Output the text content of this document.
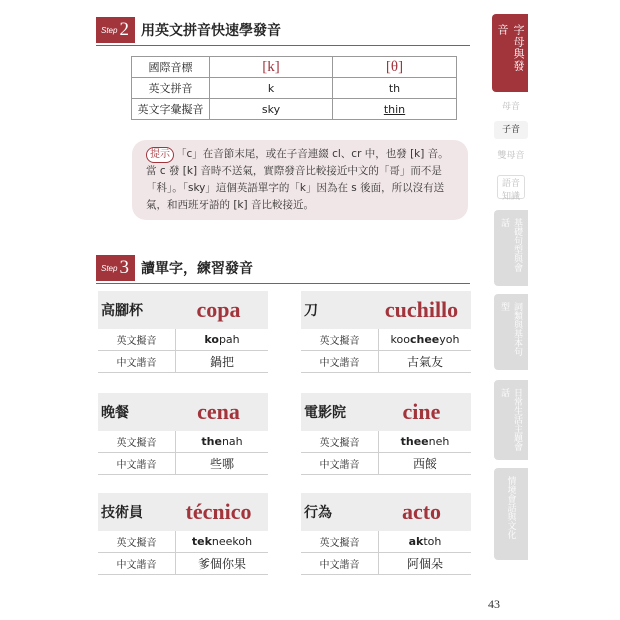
Step 2 用英文拼音快速學發音
國際音標	[k]	[θ]
英文拼音	k	th
英文字彙擬音	sky	thin
提示 「c」在音節末尾，或在子音連綴 cl、cr 中，也發 [k] 音。當 c 發 [k] 音時不送氣，實際發音比較接近中文的「哥」而不是「科」。「sky」這個英語單字的「k」因為在 s 後面，所以沒有送氣，和西班牙語的 [k] 音比較接近。
Step 3 讀單字，練習發音
高腳杯	copa
英文擬音	kopah
中文諧音	鍋把
刀	cuchillo
英文擬音	koocheeyoh
中文諧音	古氣友
晚餐	cena
英文擬音	thenah
中文諧音	些哪
電影院	cine
英文擬音	theeneh
中文諧音	西餒
技術員	técnico
英文擬音	tekneekoh
中文諧音	爹個你果
行為	acto
英文擬音	aktoh
中文諧音	阿個朵
字母與發音
母音
子音
雙母音
語音知識
基礎句型與會話
詞類與基本句型
日常生活主題會話
情境會話與文化
43
